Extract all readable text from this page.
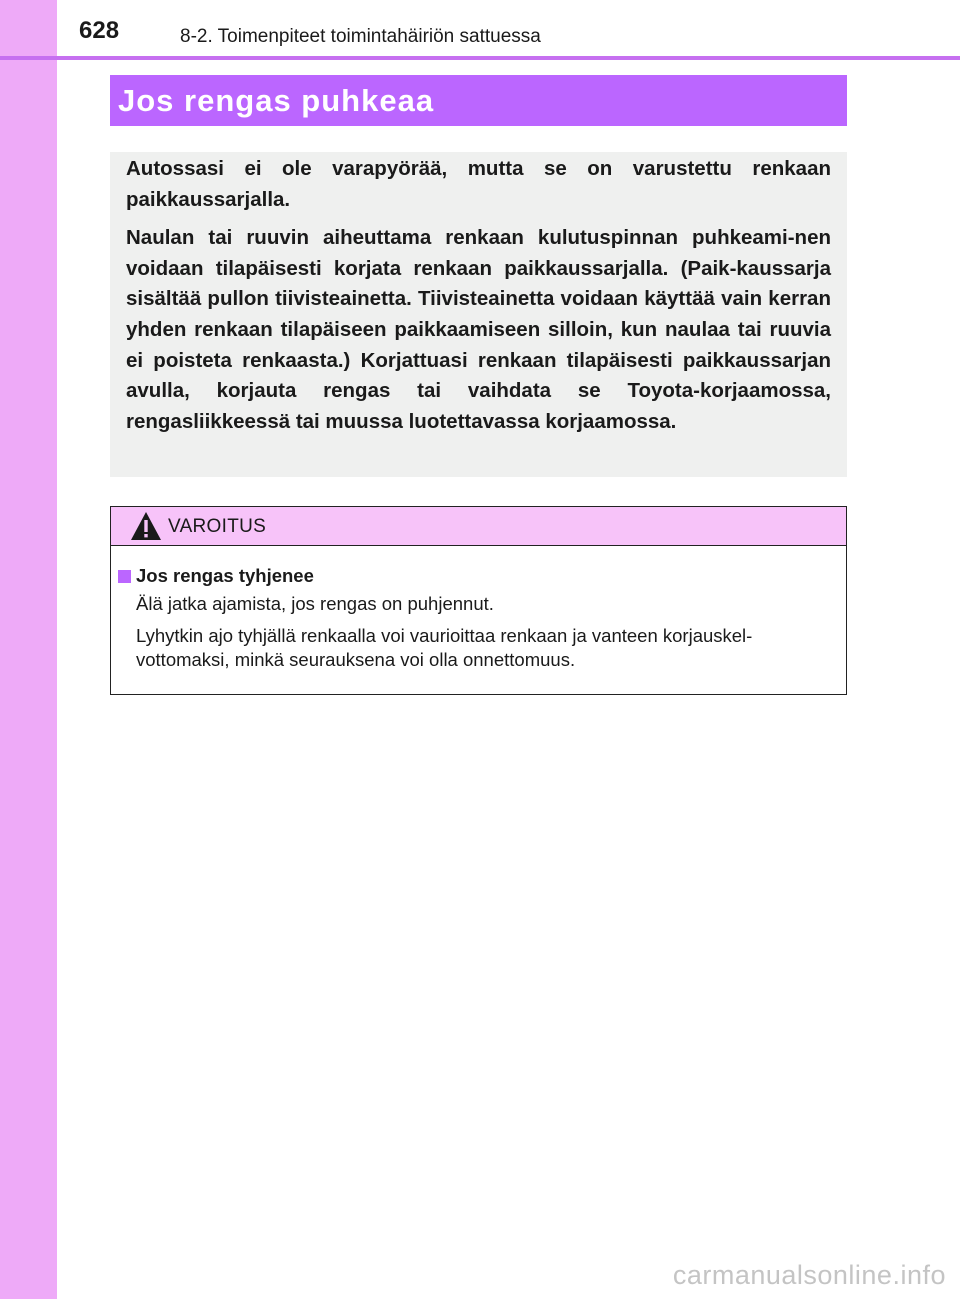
628	8-2. Toimenpiteet toimintahäiriön sattuessa
Jos rengas puhkeaa

Autossasi ei ole varapyörää, mutta se on varustettu renkaan paikkaussarjalla.

Naulan tai ruuvin aiheuttama renkaan kulutuspinnan puhkeami-nen voidaan tilapäisesti korjata renkaan paikkaussarjalla. (Paik-kaussarja sisältää pullon tiivisteainetta. Tiivisteainetta voidaan käyttää vain kerran yhden renkaan tilapäiseen paikkaamiseen silloin, kun naulaa tai ruuvia ei poisteta renkaasta.) Korjattuasi renkaan tilapäisesti paikkaussarjan avulla, korjauta rengas tai vaihdata se Toyota-korjaamossa, rengasliikkeessä tai muussa luotettavassa korjaamossa.

VAROITUS
Jos rengas tyhjenee
Älä jatka ajamista, jos rengas on puhjennut.
Lyhytkin ajo tyhjällä renkaalla voi vaurioittaa renkaan ja vanteen korjauskel-vottomaksi, minkä seurauksena voi olla onnettomuus.
carmanualsonline.info
